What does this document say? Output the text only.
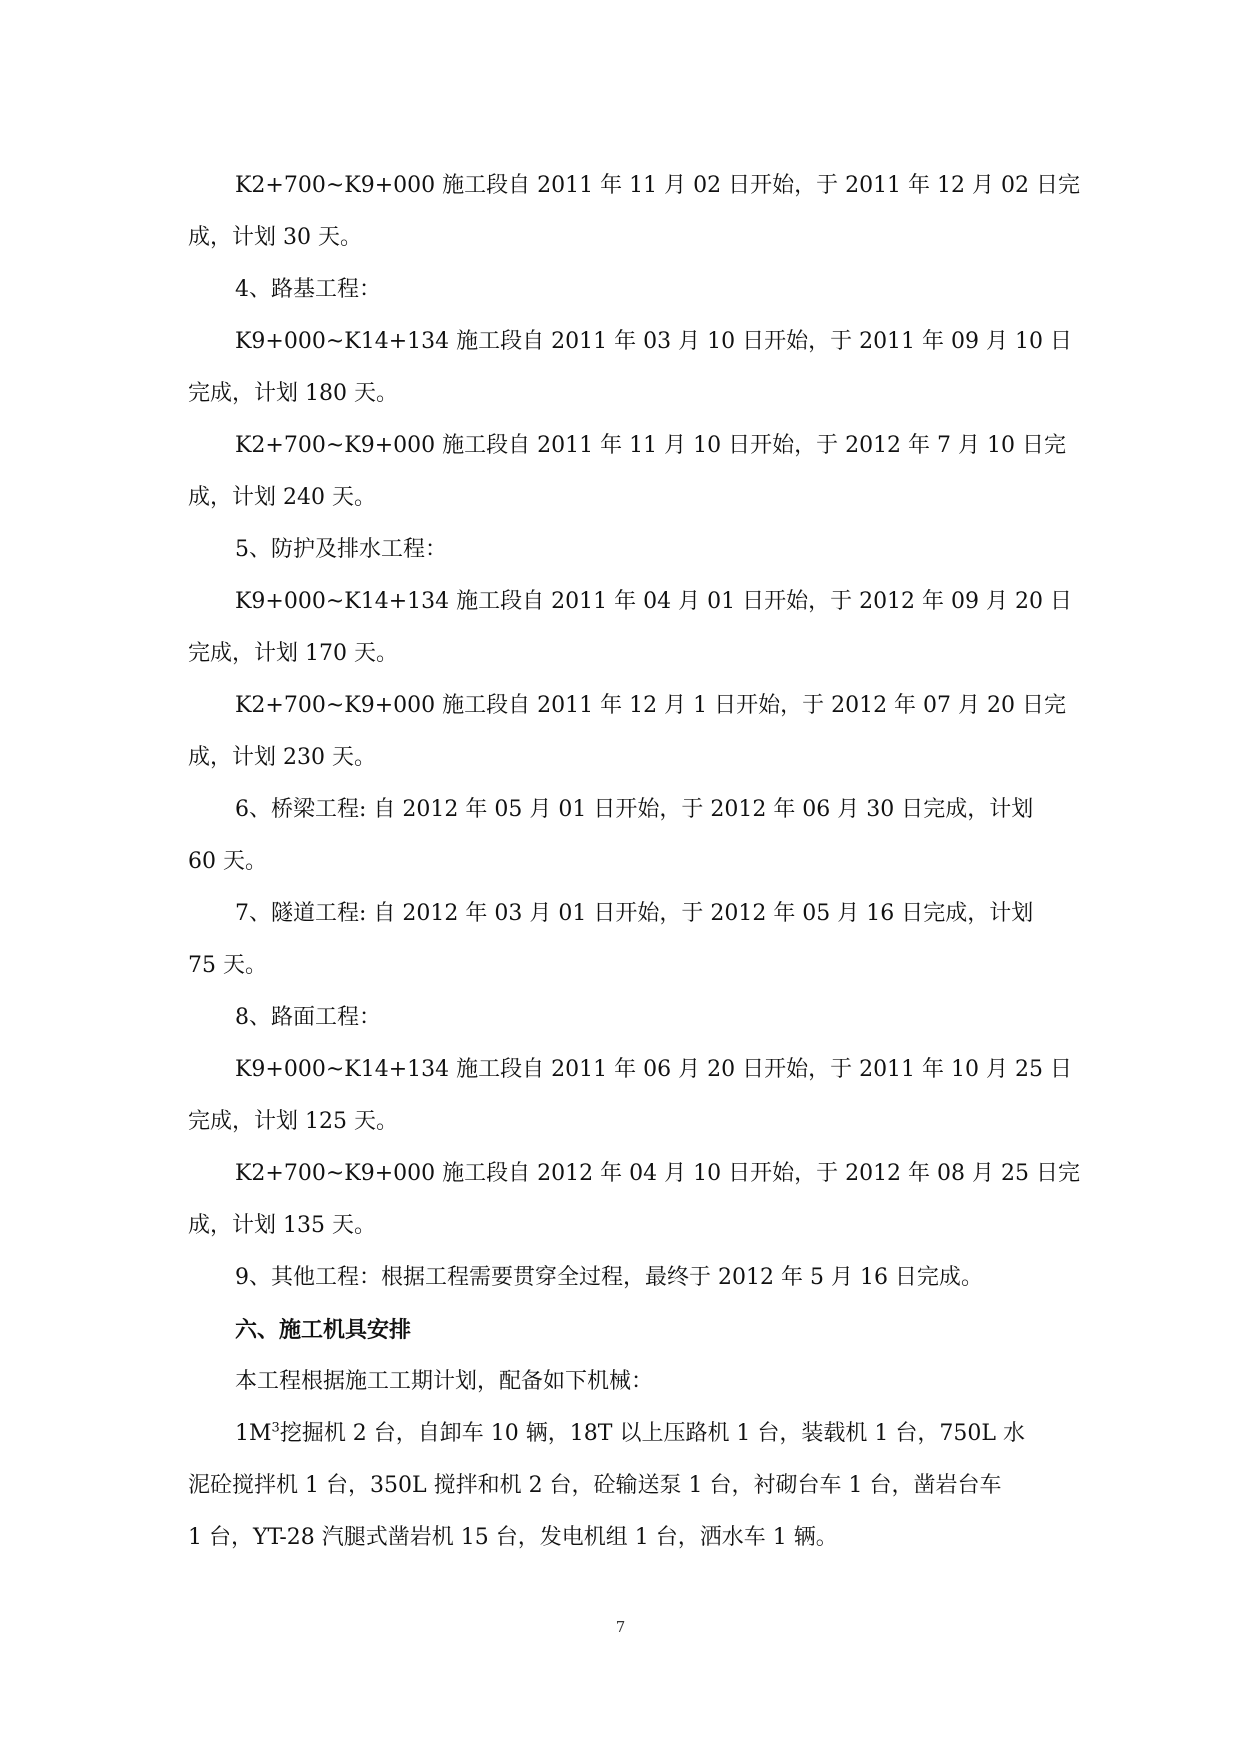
K2+700~K9+000 施工段自 2011 年 11 月 02 日开始，于 2011 年 12 月 02 日完

成，计划 30 天。

4、路基工程：

K9+000~K14+134 施工段自 2011 年 03 月 10 日开始，于 2011 年 09 月 10 日

完成，计划 180 天。

K2+700~K9+000 施工段自 2011 年 11 月 10 日开始，于 2012 年 7 月 10 日完

成，计划 240 天。

5、防护及排水工程：

K9+000~K14+134 施工段自 2011 年 04 月 01 日开始，于 2012 年 09 月 20 日

完成，计划 170 天。

K2+700~K9+000 施工段自 2011 年 12 月 1 日开始，于 2012 年 07 月 20 日完

成，计划 230 天。

6、桥梁工程: 自 2012 年 05 月 01 日开始，于 2012 年 06 月 30 日完成，计划

60 天。

7、隧道工程: 自 2012 年 03 月 01 日开始，于 2012 年 05 月 16 日完成，计划

75 天。

8、路面工程：

K9+000~K14+134 施工段自 2011 年 06 月 20 日开始，于 2011 年 10 月 25 日

完成，计划 125 天。

K2+700~K9+000 施工段自 2012 年 04 月 10 日开始，于 2012 年 08 月 25 日完

成，计划 135 天。

9、其他工程：根据工程需要贯穿全过程，最终于 2012 年 5 月 16 日完成。

六、施工机具安排

本工程根据施工工期计划，配备如下机械：

$1M^3$挖掘机 2 台，自卸车 10 辆，18T 以上压路机 1 台，装载机 1 台，750L 水

泥砼搅拌机 1 台，350L 搅拌和机 2 台，砼输送泵 1 台，衬砌台车 1 台，凿岩台车

1 台，YT-28 汽腿式凿岩机 15 台，发电机组 1 台，洒水车 1 辆。

7
